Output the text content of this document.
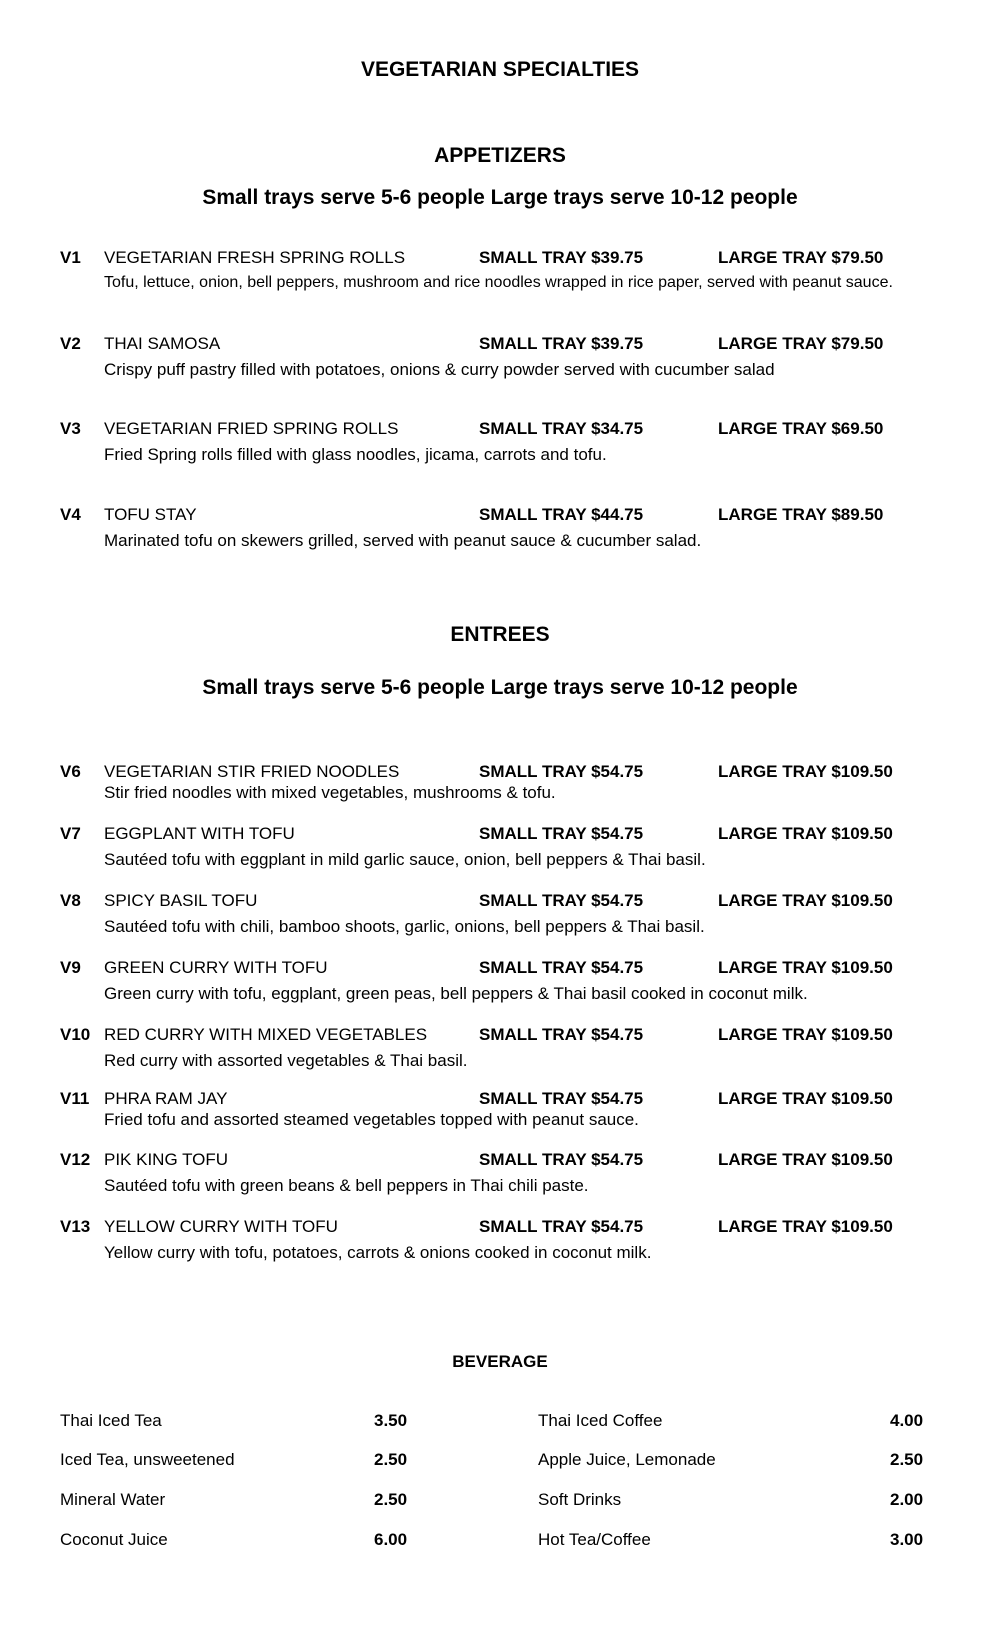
VEGETARIAN SPECIALTIES
APPETIZERS
Small trays serve 5-6 people Large trays serve 10-12 people
V1 VEGETARIAN FRESH SPRING ROLLS	SMALL TRAY $39.75	LARGE TRAY $79.50
Tofu, lettuce, onion, bell peppers, mushroom and rice noodles wrapped in rice paper, served with peanut sauce.
V2 THAI SAMOSA	SMALL TRAY $39.75	LARGE TRAY $79.50
Crispy puff pastry filled with potatoes, onions & curry powder served with cucumber salad
V3 VEGETARIAN FRIED SPRING ROLLS	SMALL TRAY $34.75	LARGE TRAY $69.50
Fried Spring rolls filled with glass noodles, jicama, carrots and tofu.
V4 TOFU STAY	SMALL TRAY $44.75	LARGE TRAY $89.50
Marinated tofu on skewers grilled, served with peanut sauce & cucumber salad.
ENTREES
Small trays serve 5-6 people Large trays serve 10-12 people
V6 VEGETARIAN STIR FRIED NOODLES	SMALL TRAY $54.75	LARGE TRAY $109.50
Stir fried noodles with mixed vegetables, mushrooms & tofu.
V7 EGGPLANT WITH TOFU	SMALL TRAY $54.75	LARGE TRAY $109.50
Sautéed tofu with eggplant in mild garlic sauce, onion, bell peppers & Thai basil.
V8 SPICY BASIL TOFU	SMALL TRAY $54.75	LARGE TRAY $109.50
Sautéed tofu with chili, bamboo shoots, garlic, onions, bell peppers & Thai basil.
V9 GREEN CURRY WITH TOFU	SMALL TRAY $54.75	LARGE TRAY $109.50
Green curry with tofu, eggplant, green peas, bell peppers & Thai basil cooked in coconut milk.
V10 RED CURRY WITH MIXED VEGETABLES	SMALL TRAY $54.75	LARGE TRAY $109.50
Red curry with assorted vegetables & Thai basil.
V11 PHRA RAM JAY	SMALL TRAY $54.75	LARGE TRAY $109.50
Fried tofu and assorted steamed vegetables topped with peanut sauce.
V12 PIK KING TOFU	SMALL TRAY $54.75	LARGE TRAY $109.50
Sautéed tofu with green beans & bell peppers in Thai chili paste.
V13 YELLOW CURRY WITH TOFU	SMALL TRAY $54.75	LARGE TRAY $109.50
Yellow curry with tofu, potatoes, carrots & onions cooked in coconut milk.
BEVERAGE
Thai Iced Tea	3.50
Iced Tea, unsweetened	2.50
Mineral Water	2.50
Coconut Juice	6.00
Thai Iced Coffee	4.00
Apple Juice, Lemonade	2.50
Soft Drinks	2.00
Hot Tea/Coffee	3.00
